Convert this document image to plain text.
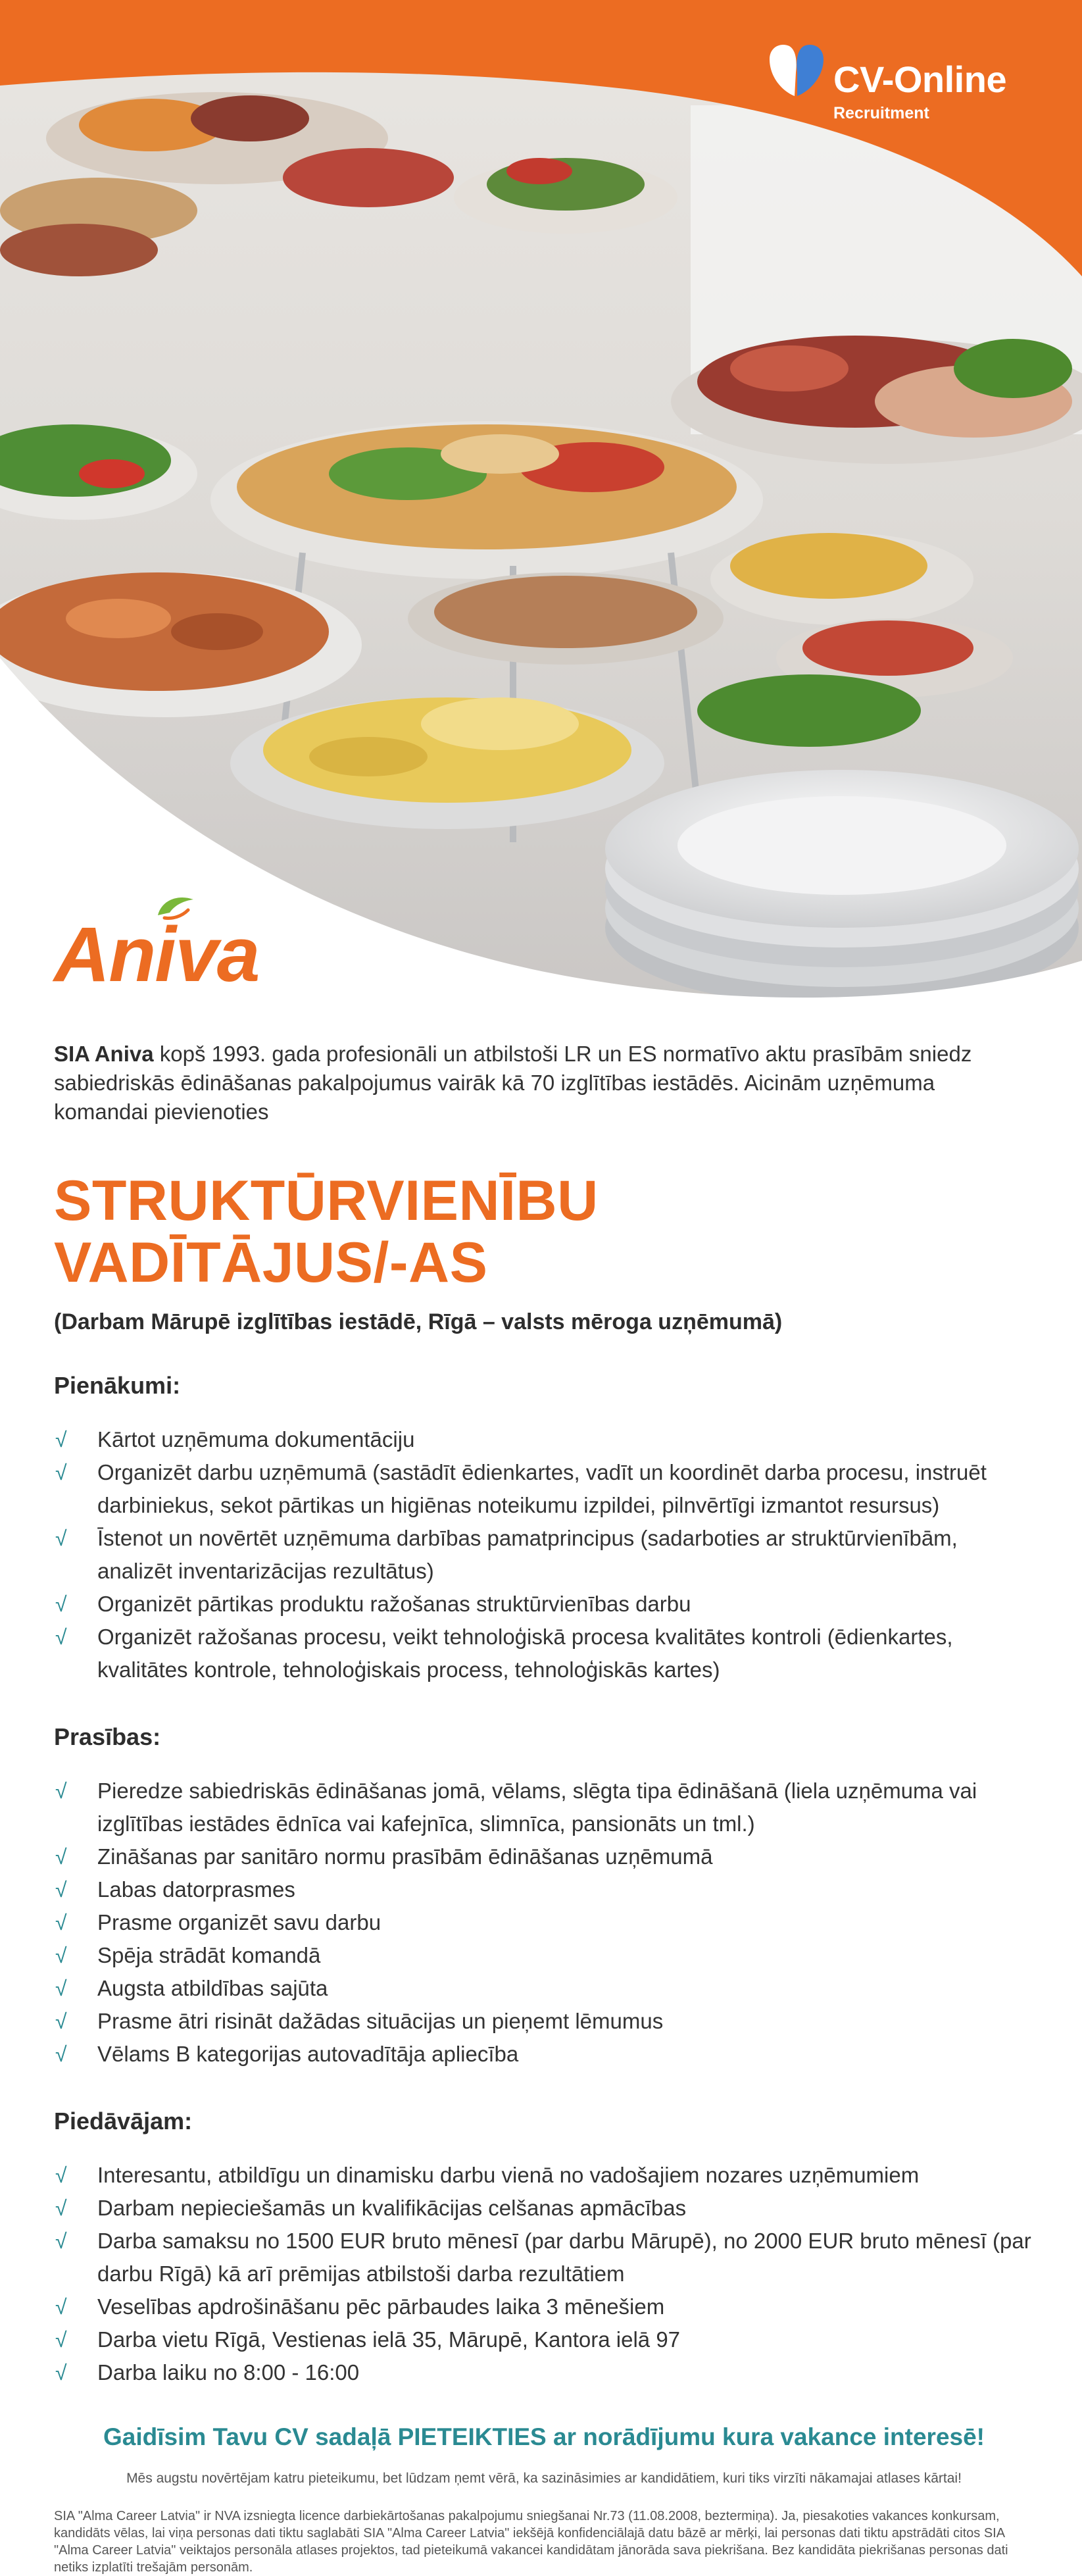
CV-Online
Recruitment
Aniva

SIA Aniva kopš 1993. gada profesionāli un atbilstoši LR un ES normatīvo aktu prasībām sniedz sabiedriskās ēdināšanas pakalpojumus vairāk kā 70 izglītības iestādēs. Aicinām uzņēmuma komandai pievienoties

STRUKTŪRVIENĪBU
VADĪTĀJUS/-AS
(Darbam Mārupē izglītības iestādē, Rīgā – valsts mēroga uzņēmumā)
Pienākumi:
√ Kārtot uzņēmuma dokumentāciju
√ Organizēt darbu uzņēmumā (sastādīt ēdienkartes, vadīt un koordinēt darba procesu, instruēt darbiniekus, sekot pārtikas un higiēnas noteikumu izpildei, pilnvērtīgi izmantot resursus)
√ Īstenot un novērtēt uzņēmuma darbības pamatprincipus (sadarboties ar struktūrvienībām, analizēt inventarizācijas rezultātus)
√ Organizēt pārtikas produktu ražošanas struktūrvienības darbu
√ Organizēt ražošanas procesu, veikt tehnoloģiskā procesa kvalitātes kontroli (ēdienkartes, kvalitātes kontrole, tehnoloģiskais process, tehnoloģiskās kartes)
Prasības:
√ Pieredze sabiedriskās ēdināšanas jomā, vēlams, slēgta tipa ēdināšanā (liela uzņēmuma vai izglītības iestādes ēdnīca vai kafejnīca, slimnīca, pansionāts un tml.)
√ Zināšanas par sanitāro normu prasībām ēdināšanas uzņēmumā
√ Labas datorprasmes
√ Prasme organizēt savu darbu
√ Spēja strādāt komandā
√ Augsta atbildības sajūta
√ Prasme ātri risināt dažādas situācijas un pieņemt lēmumus
√ Vēlams B kategorijas autovadītāja apliecība
Piedāvājam:
√ Interesantu, atbildīgu un dinamisku darbu vienā no vadošajiem nozares uzņēmumiem
√ Darbam nepieciešamās un kvalifikācijas celšanas apmācības
√ Darba samaksu no 1500 EUR bruto mēnesī (par darbu Mārupē), no 2000 EUR bruto mēnesī (par darbu Rīgā) kā arī prēmijas atbilstoši darba rezultātiem
√ Veselības apdrošināšanu pēc pārbaudes laika 3 mēnešiem
√ Darba vietu Rīgā, Vestienas ielā 35, Mārupē, Kantora ielā 97
√ Darba laiku no 8:00 - 16:00
Gaidīsim Tavu CV sadaļā PIETEIKTIES ar norādījumu kura vakance interesē!
Mēs augstu novērtējam katru pieteikumu, bet lūdzam ņemt vērā, ka sazināsimies ar kandidātiem, kuri tiks virzīti nākamajai atlases kārtai!
SIA "Alma Career Latvia" ir NVA izsniegta licence darbiekārtošanas pakalpojumu sniegšanai Nr.73 (11.08.2008, beztermiņa). Ja, piesakoties vakances konkursam, kandidāts vēlas, lai viņa personas dati tiktu saglabāti SIA "Alma Career Latvia" iekšējā konfidenciālajā datu bāzē ar mērķi, lai personas dati tiktu apstrādāti citos SIA "Alma Career Latvia" veiktajos personāla atlases projektos, tad pieteikumā vakancei kandidātam jānorāda sava piekrišana. Bez kandidāta piekrišanas personas dati netiks izplatīti trešajām personām.
